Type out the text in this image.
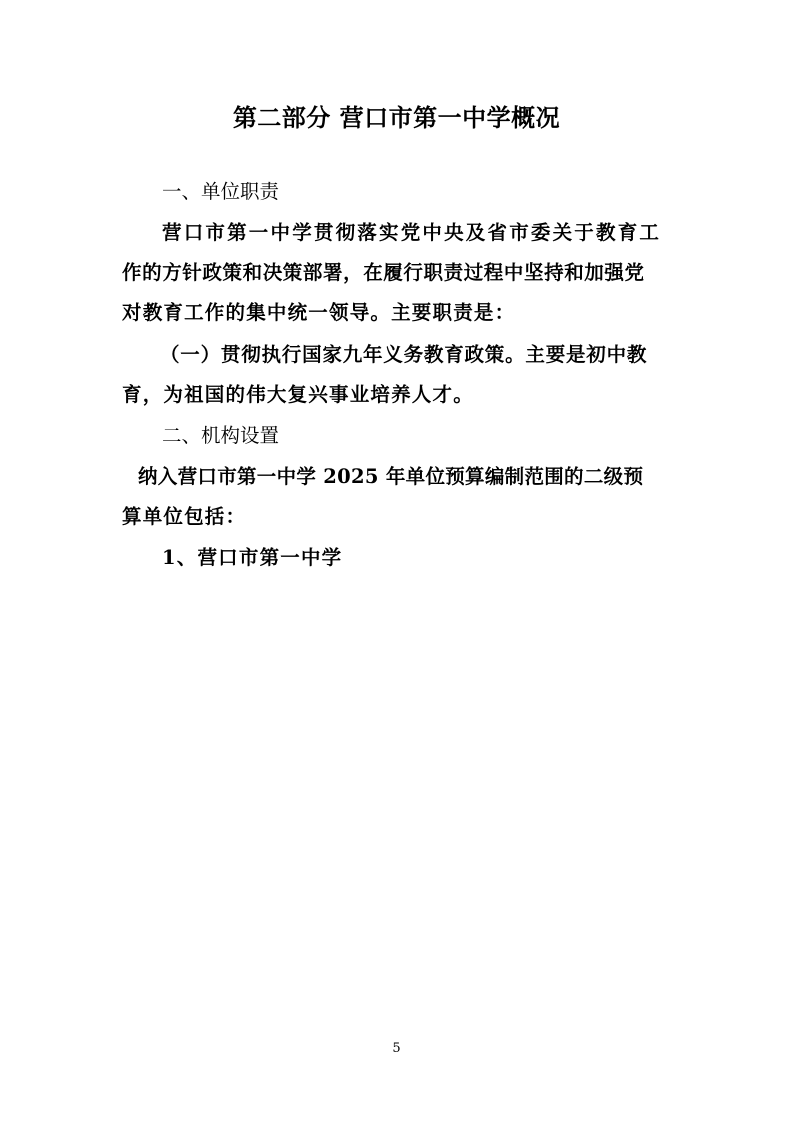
第二部分 营口市第一中学概况
一、单位职责
营口市第一中学贯彻落实党中央及省市委关于教育工
作的方针政策和决策部署，在履行职责过程中坚持和加强党
对教育工作的集中统一领导。主要职责是：
（一）贯彻执行国家九年义务教育政策。主要是初中教
育，为祖国的伟大复兴事业培养人才。
二、机构设置
纳入营口市第一中学 2025 年单位预算编制范围的二级预
算单位包括：
1、营口市第一中学
5
